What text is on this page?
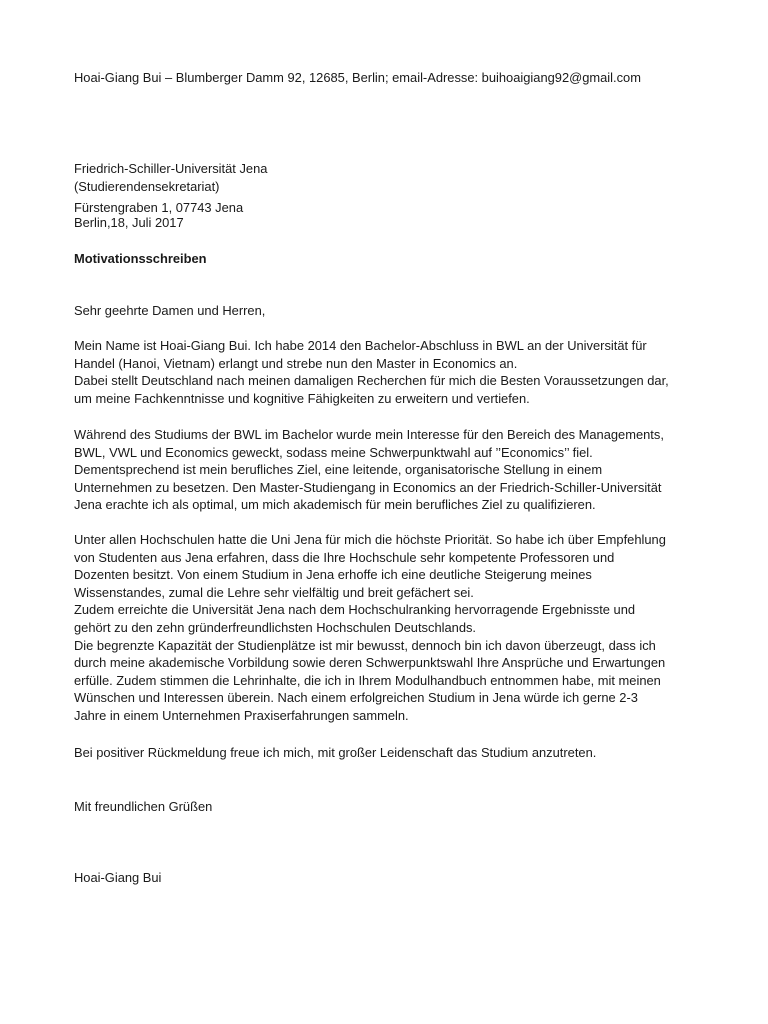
Hoai-Giang Bui – Blumberger Damm 92, 12685, Berlin; email-Adresse: buihoaigiang92@gmail.com
Friedrich-Schiller-Universität Jena
(Studierendensekretariat)
Fürstengraben 1, 07743 Jena
Berlin,18, Juli 2017
Motivationsschreiben
Sehr geehrte Damen und Herren,

Mein Name ist Hoai-Giang Bui. Ich habe 2014 den Bachelor-Abschluss in BWL an der Universität für

Handel (Hanoi, Vietnam) erlangt und strebe nun den Master in Economics an.

Dabei stellt Deutschland nach meinen damaligen Recherchen für mich die Besten Voraussetzungen dar,

um meine Fachkenntnisse und kognitive Fähigkeiten zu erweitern und vertiefen.

Während des Studiums der BWL im Bachelor wurde mein Interesse für den Bereich des Managements,

BWL, VWL und Economics geweckt, sodass meine Schwerpunktwahl auf ’’Economics’’ fiel.

Dementsprechend ist mein berufliches Ziel, eine leitende, organisatorische Stellung in einem

Unternehmen zu besetzen. Den Master-Studiengang in Economics an der Friedrich-Schiller-Universität

Jena erachte ich als optimal, um mich akademisch für mein berufliches Ziel zu qualifizieren.

Unter allen Hochschulen hatte die Uni Jena für mich die höchste Priorität. So habe ich über Empfehlung

von Studenten aus Jena erfahren, dass die Ihre Hochschule sehr kompetente Professoren und

Dozenten besitzt. Von einem Studium in Jena erhoffe ich eine deutliche Steigerung meines

Wissenstandes, zumal die Lehre sehr vielfältig und breit gefächert sei.

Zudem erreichte die Universität Jena nach dem Hochschulranking hervorragende Ergebnisste und

gehört zu den zehn gründerfreundlichsten Hochschulen Deutschlands.

Die begrenzte Kapazität der Studienplätze ist mir bewusst, dennoch bin ich davon überzeugt, dass ich

durch meine akademische Vorbildung sowie deren Schwerpunktswahl Ihre Ansprüche und Erwartungen

erfülle. Zudem stimmen die Lehrinhalte, die ich in Ihrem Modulhandbuch entnommen habe, mit meinen

Wünschen und Interessen überein. Nach einem erfolgreichen Studium in Jena würde ich gerne 2-3

Jahre in einem Unternehmen Praxiserfahrungen sammeln.

Bei positiver Rückmeldung freue ich mich, mit großer Leidenschaft das Studium anzutreten.

Mit freundlichen Grüßen
Hoai-Giang Bui
